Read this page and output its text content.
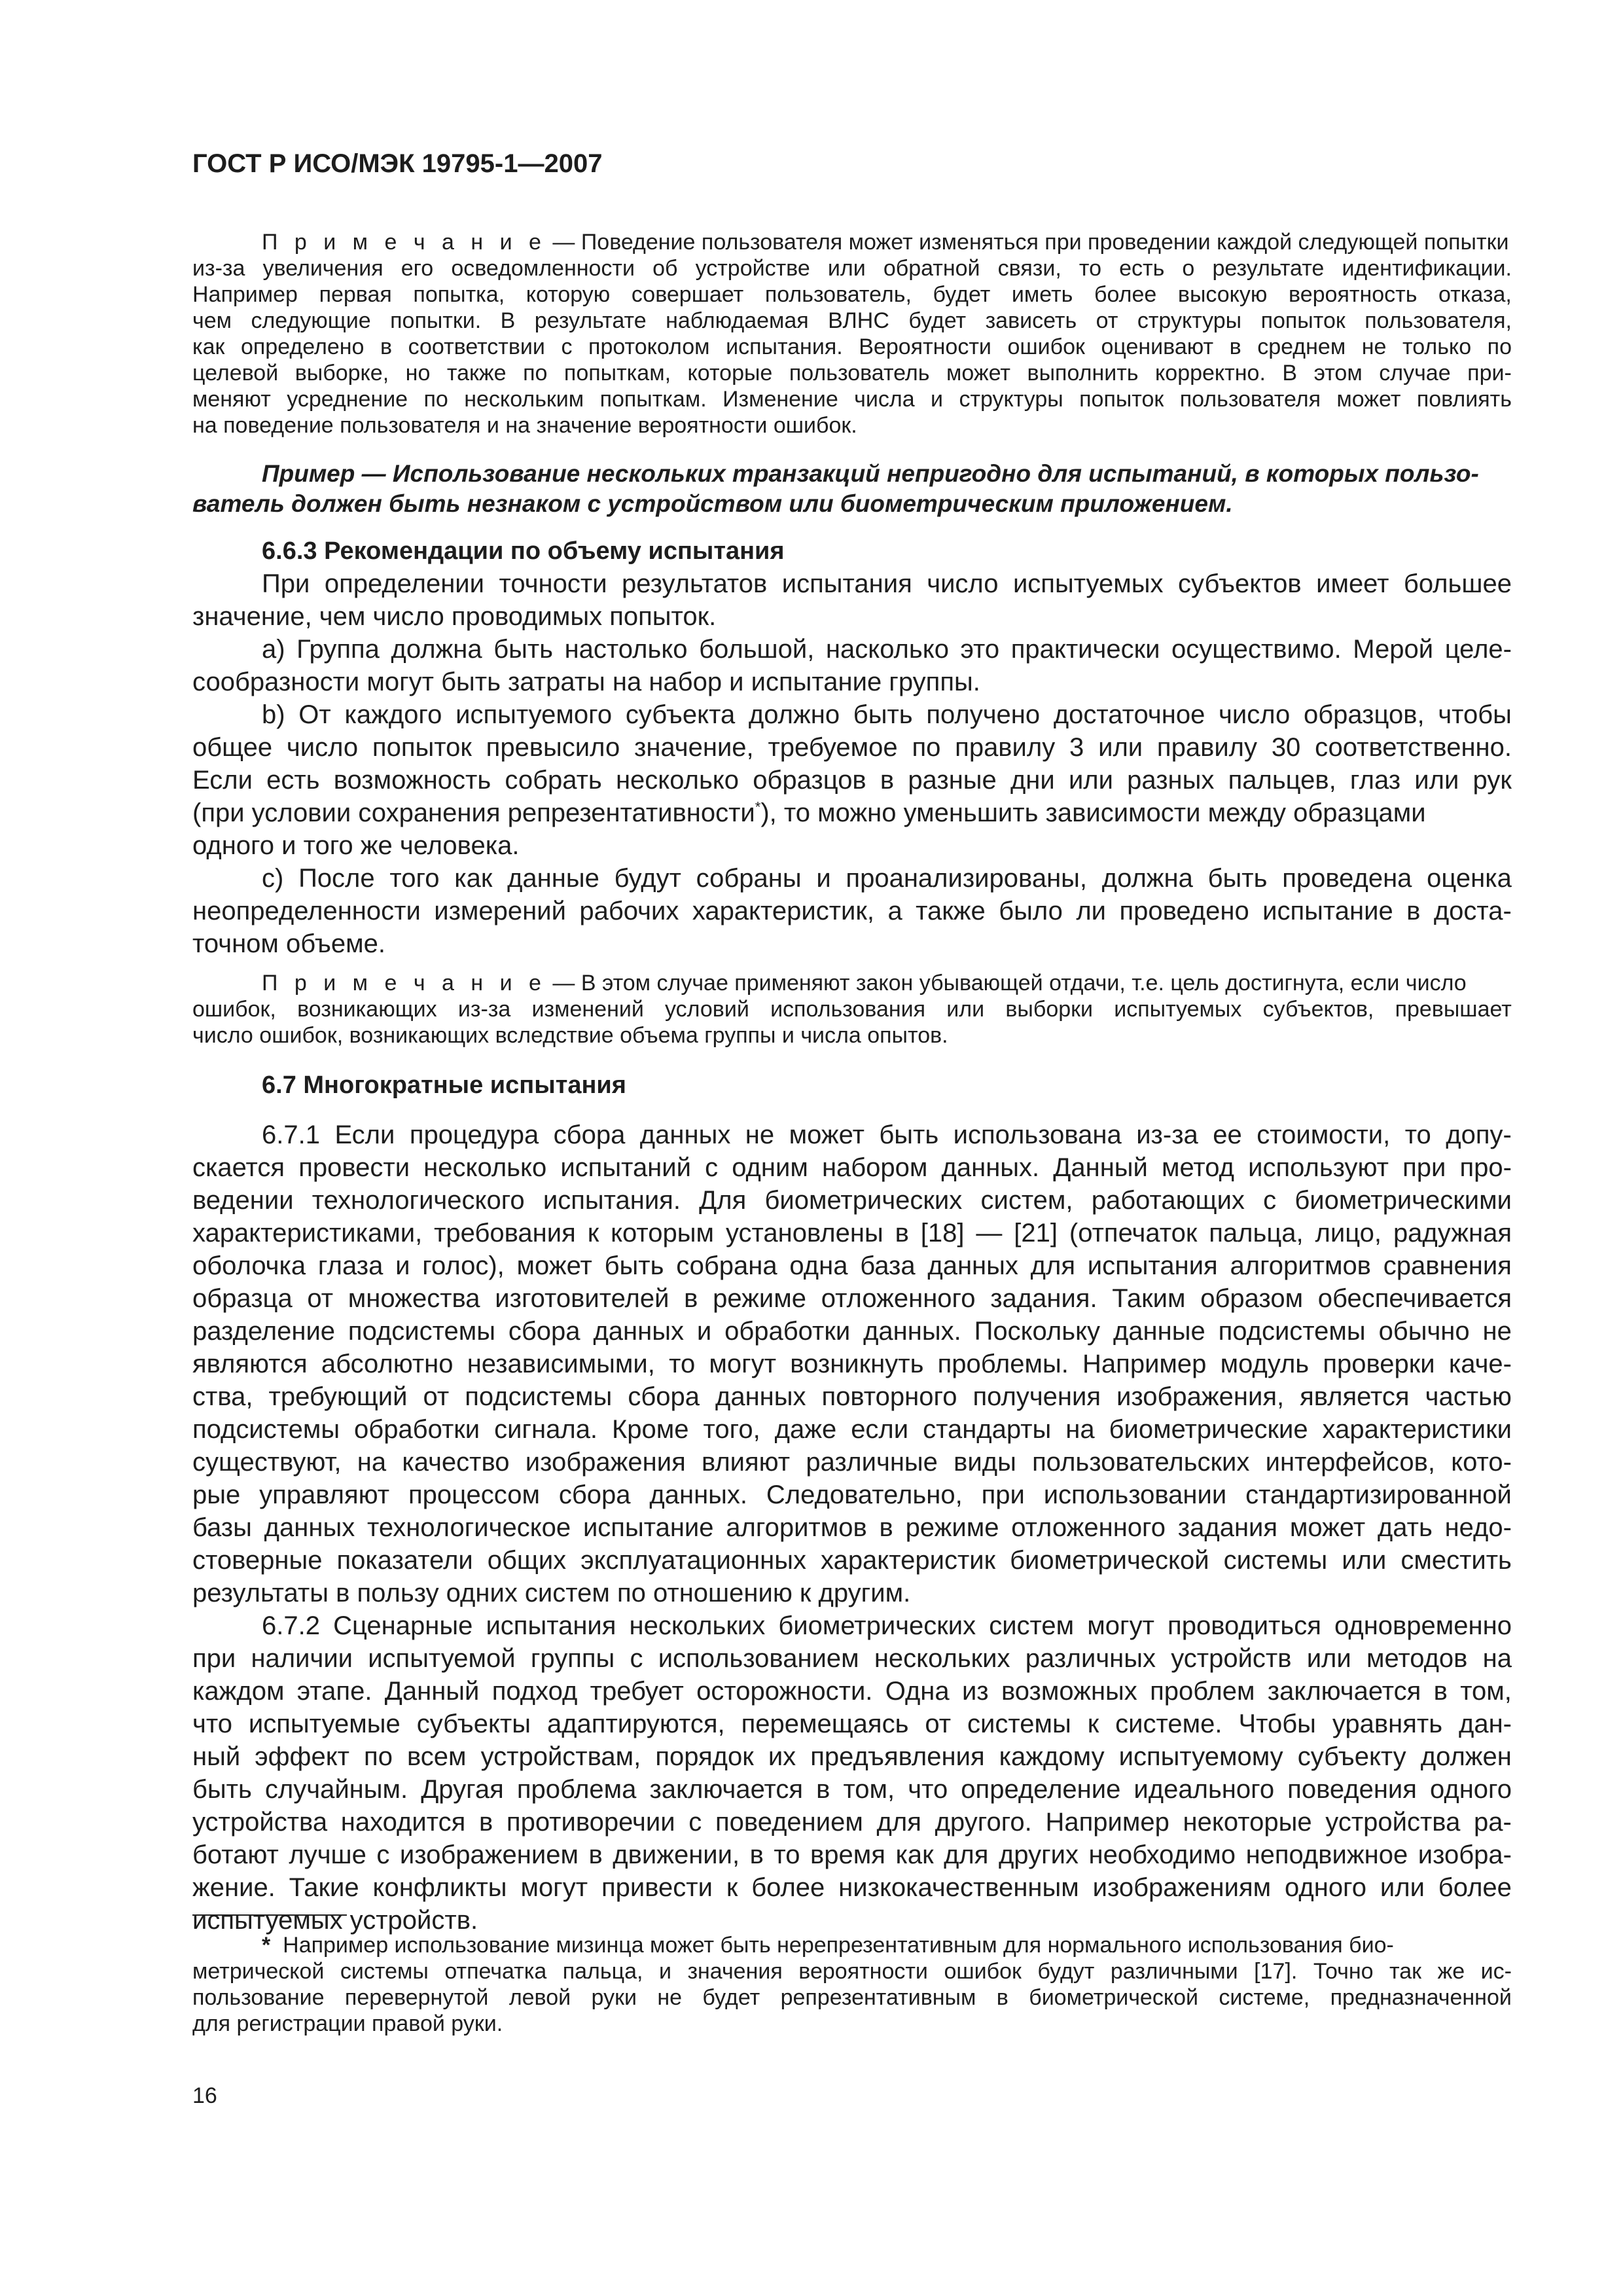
ГОСТ Р ИСО/МЭК 19795-1—2007
П р и м е ч а н и е — Поведение пользователя может изменяться при проведении каждой следующей попытки
из-за увеличения его осведомленности об устройстве или обратной связи, то есть о результате идентификации.
Например первая попытка, которую совершает пользователь, будет иметь более высокую вероятность отказа,
чем следующие попытки. В результате наблюдаемая ВЛНС будет зависеть от структуры попыток пользователя,
как определено в соответствии с протоколом испытания. Вероятности ошибок оценивают в среднем не только по
целевой выборке, но также по попыткам, которые пользователь может выполнить корректно. В этом случае при-
меняют усреднение по нескольким попыткам. Изменение числа и структуры попыток пользователя может повлиять
на поведение пользователя и на значение вероятности ошибок.
Пример — Использование нескольких транзакций непригодно для испытаний, в которых пользо-
ватель должен быть незнаком с устройством или биометрическим приложением.
6.6.3 Рекомендации по объему испытания
При определении точности результатов испытания число испытуемых субъектов имеет большее
значение, чем число проводимых попыток.
a) Группа должна быть настолько большой, насколько это практически осуществимо. Мерой целе-
сообразности могут быть затраты на набор и испытание группы.
b) От каждого испытуемого субъекта должно быть получено достаточное число образцов, чтобы
общее число попыток превысило значение, требуемое по правилу 3 или правилу 30 соответственно.
Если есть возможность собрать несколько образцов в разные дни или разных пальцев, глаз или рук
(при условии сохранения репрезентативности*), то можно уменьшить зависимости между образцами
одного и того же человека.
c) После того как данные будут собраны и проанализированы, должна быть проведена оценка
неопределенности измерений рабочих характеристик, а также было ли проведено испытание в доста-
точном объеме.
П р и м е ч а н и е — В этом случае применяют закон убывающей отдачи, т.е. цель достигнута, если число
ошибок, возникающих из-за изменений условий использования или выборки испытуемых субъектов, превышает
число ошибок, возникающих вследствие объема группы и числа опытов.
6.7 Многократные испытания
6.7.1 Если процедура сбора данных не может быть использована из-за ее стоимости, то допу-
скается провести несколько испытаний с одним набором данных. Данный метод используют при про-
ведении технологического испытания. Для биометрических систем, работающих с биометрическими
характеристиками, требования к которым установлены в [18] — [21] (отпечаток пальца, лицо, радужная
оболочка глаза и голос), может быть собрана одна база данных для испытания алгоритмов сравнения
образца от множества изготовителей в режиме отложенного задания. Таким образом обеспечивается
разделение подсистемы сбора данных и обработки данных. Поскольку данные подсистемы обычно не
являются абсолютно независимыми, то могут возникнуть проблемы. Например модуль проверки каче-
ства, требующий от подсистемы сбора данных повторного получения изображения, является частью
подсистемы обработки сигнала. Кроме того, даже если стандарты на биометрические характеристики
существуют, на качество изображения влияют различные виды пользовательских интерфейсов, кото-
рые управляют процессом сбора данных. Следовательно, при использовании стандартизированной
базы данных технологическое испытание алгоритмов в режиме отложенного задания может дать недо-
стоверные показатели общих эксплуатационных характеристик биометрической системы или сместить
результаты в пользу одних систем по отношению к другим.
6.7.2 Сценарные испытания нескольких биометрических систем могут проводиться одновременно
при наличии испытуемой группы с использованием нескольких различных устройств или методов на
каждом этапе. Данный подход требует осторожности. Одна из возможных проблем заключается в том,
что испытуемые субъекты адаптируются, перемещаясь от системы к системе. Чтобы уравнять дан-
ный эффект по всем устройствам, порядок их предъявления каждому испытуемому субъекту должен
быть случайным. Другая проблема заключается в том, что определение идеального поведения одного
устройства находится в противоречии с поведением для другого. Например некоторые устройства ра-
ботают лучше с изображением в движении, в то время как для других необходимо неподвижное изобра-
жение. Такие конфликты могут привести к более низкокачественным изображениям одного или более
испытуемых устройств.
* Например использование мизинца может быть нерепрезентативным для нормального использования био-
метрической системы отпечатка пальца, и значения вероятности ошибок будут различными [17]. Точно так же ис-
пользование перевернутой левой руки не будет репрезентативным в биометрической системе, предназначенной
для регистрации правой руки.
16
